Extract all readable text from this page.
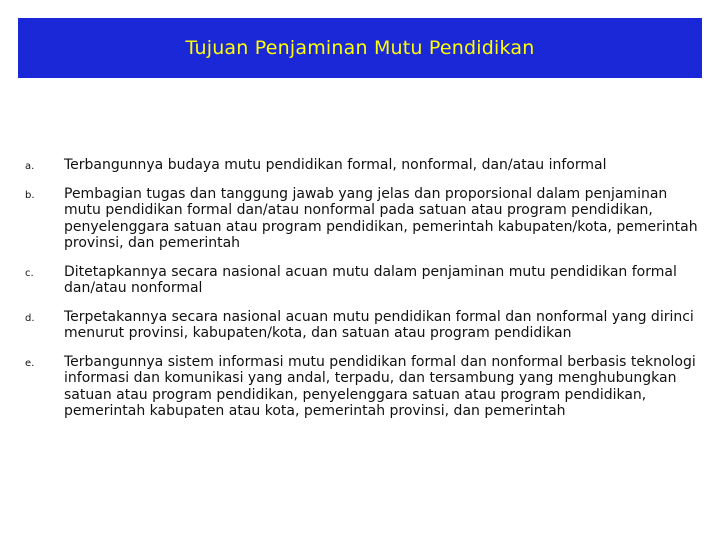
Tujuan Penjaminan Mutu Pendidikan
a. Terbangunnya budaya mutu pendidikan formal, nonformal, dan/atau informal
b. Pembagian tugas dan tanggung jawab yang jelas dan proporsional dalam penjaminan mutu pendidikan formal dan/atau nonformal pada satuan atau program pendidikan, penyelenggara satuan atau program pendidikan, pemerintah kabupaten/kota, pemerintah provinsi, dan pemerintah
c. Ditetapkannya secara nasional acuan mutu dalam penjaminan mutu pendidikan formal dan/atau nonformal
d. Terpetakannya secara nasional acuan mutu pendidikan formal dan nonformal yang dirinci menurut provinsi, kabupaten/kota, dan satuan atau program pendidikan
e. Terbangunnya sistem informasi mutu pendidikan formal dan nonformal berbasis teknologi informasi dan komunikasi yang andal, terpadu, dan tersambung yang menghubungkan satuan atau program pendidikan, penyelenggara satuan atau program pendidikan, pemerintah kabupaten atau kota, pemerintah provinsi, dan pemerintah
